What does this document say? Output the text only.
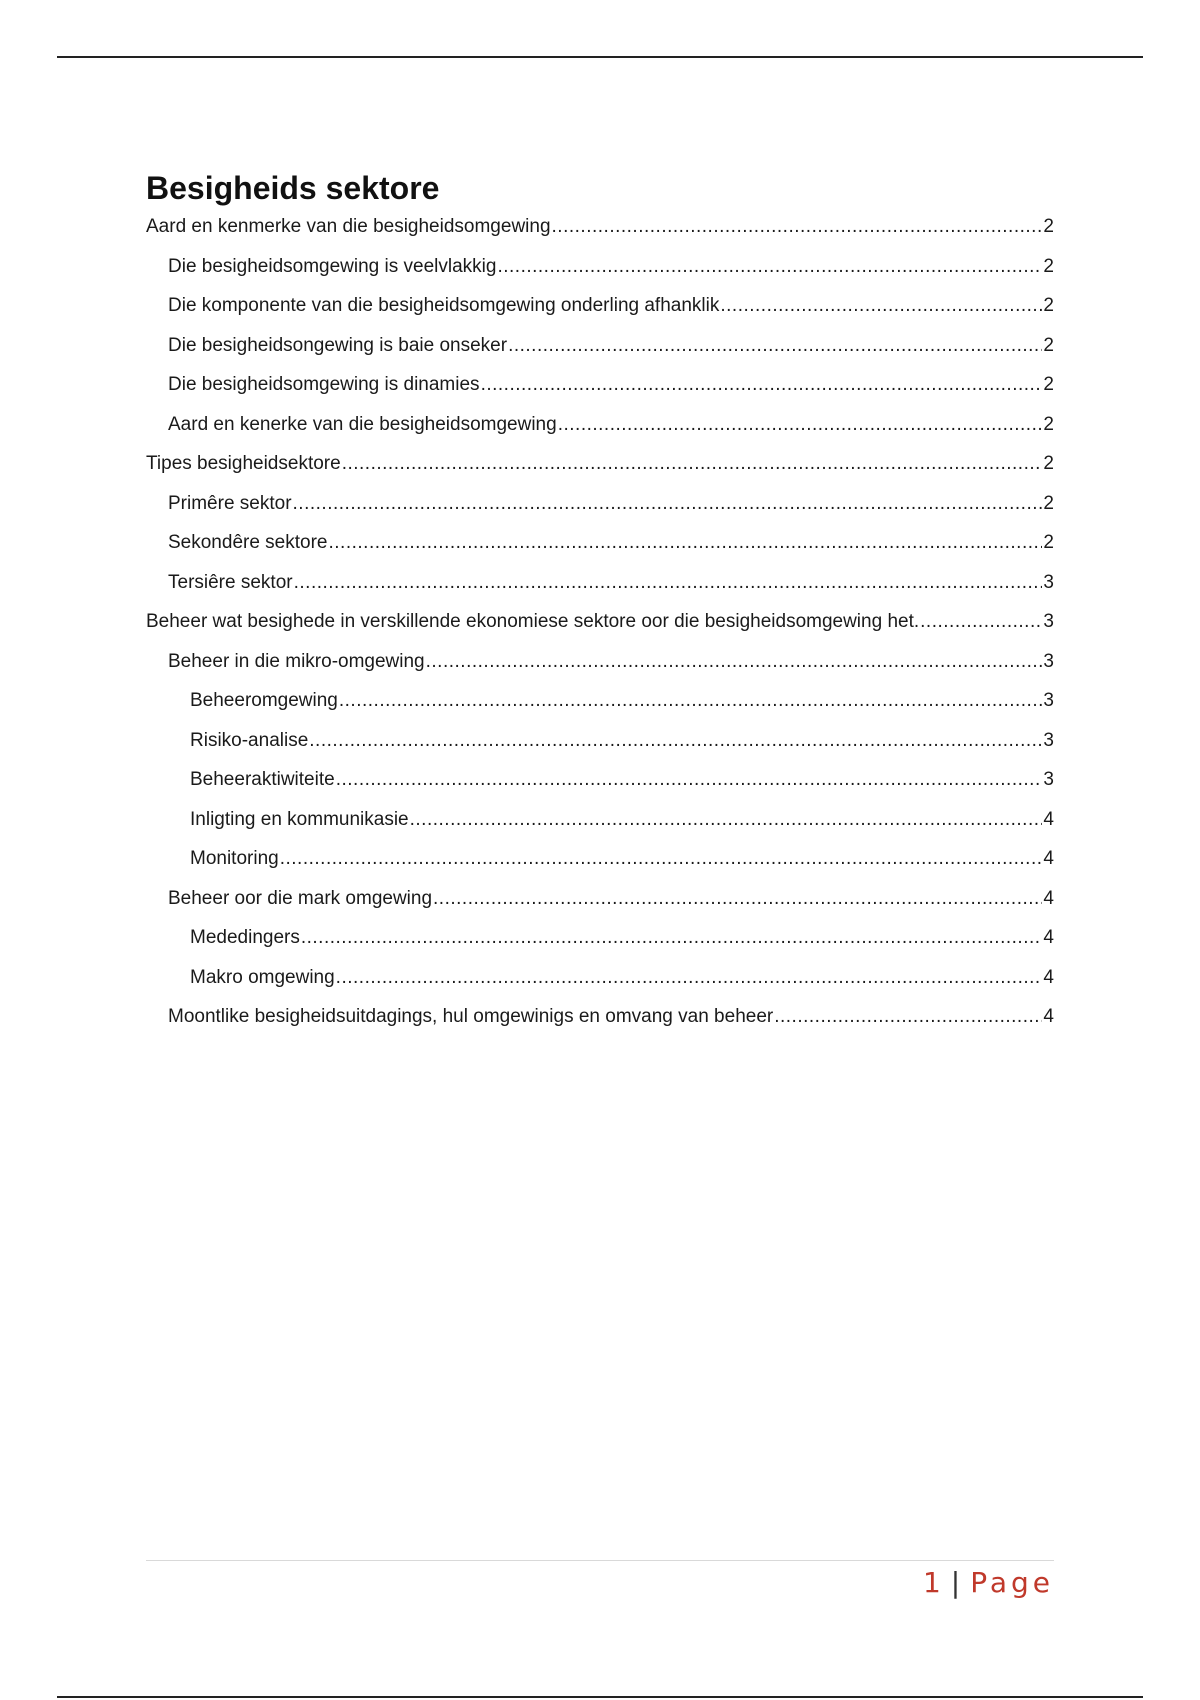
Besigheids sektore
Aard en kenmerke van die besigheidsomgewing .....	2
Die besigheidsomgewing is veelvlakkig .....	2
Die komponente van die besigheidsomgewing onderling afhanklik .....	2
Die besigheidsongewing is baie onseker .....	2
Die besigheidsomgewing is dinamies .....	2
Aard en kenerke van die besigheidsomgewing .....	2
Tipes besigheidsektore .....	2
Primêre sektor .....	2
Sekondêre sektore .....	2
Tersiêre sektor .....	3
Beheer wat besighede in verskillende ekonomiese sektore oor die besigheidsomgewing het. .....	3
Beheer in die mikro-omgewing .....	3
Beheeromgewing .....	3
Risiko-analise .....	3
Beheeraktiwiteite .....	3
Inligting en kommunikasie .....	4
Monitoring .....	4
Beheer oor die mark omgewing .....	4
Mededingers .....	4
Makro omgewing .....	4
Moontlike besigheidsuitdagings, hul omgewinigs en omvang van beheer .....	4
1 | Page
